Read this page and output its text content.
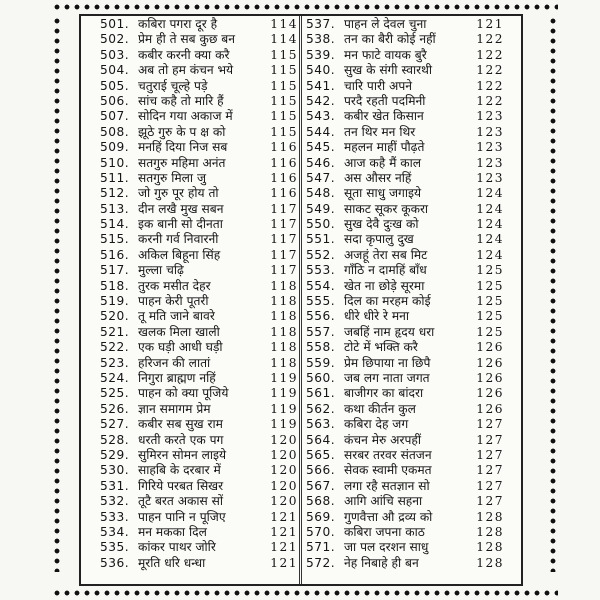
501. कबिरा पगरा दूर है	114
502. प्रेम ही ते सब कुछ बन	114
503. कबीर करनी क्या करै	115
504. अब तो हम कंचन भये	115
505. चतुराई चूल्हे पड़े	115
506. सांच कहै तो मारि हैं	115
507. सोदिन गया अकाज में	115
508. झूठे गुरु के प क्ष को	115
509. मनहिं दिया निज सब	116
510. सतगुरु महिमा अनंत	116
511. सतगुरु मिला जु	116
512. जो गुरु पूर होय तो	116
513. दीन लखै मुख सबन	117
514. इक बानी सो दीनता	117
515. करनी गर्व निवारनी	117
516. अकिल बिहूना सिंह	117
517. मुल्ला चढ़ि	117
518. तुरक मसीत देहर	118
519. पाहन केरी पूतरी	118
520. तू मति जाने बावरे	118
521. खलक मिला खाली	118
522. एक घड़ी आधी घड़ी	118
523. हरिजन की लातां	118
524. निगुरा ब्राह्मण नहिं	119
525. पाहन को क्या पूजिये	119
526. ज्ञान समागम प्रेम	119
527. कबीर सब सुख राम	119
528. धरती करते एक पग	120
529. सुमिरन सोमन लाइये	120
530. साहबि के दरबार में	120
531. गिरिये परबत सिखर	120
532. तूटै बरत अकास सों	120
533. पाहन पानि न पूजिए	121
534. मन मकका दिल	121
535. कांकर पाथर जोरि	121
536. मूरति धरि धन्धा	121
537. पाहन ले देवल चुना	121
538. तन का बैरी कोई नहीं	122
539. मन फाटे वायक बुरै	122
540. सुख के संगी स्वारथी	122
541. चारि पारी अपने	122
542. परदै रहती पदमिनी	122
543. कबीर खेत किसान	123
544. तन थिर मन थिर	123
545. महलन माहीं पौढ़ते	123
546. आज कहै मैं काल	123
547. अस औसर नहिं	123
548. सूता साधु जगाइये	124
549. साकट सूकर कूकरा	124
550. सुख देवै दुःख को	124
551. सदा कृपालु दुख	124
552. अजहूं तेरा सब मिट	124
553. गाँठि न दामहिं बाँध	125
554. खेत ना छोड़े सूरमा	125
555. दिल का मरहम कोई	125
556. धीरे धीरे रे मना	125
557. जबहिं नाम हृदय धरा	125
558. टोटे में भक्ति करै	126
559. प्रेम छिपाया ना छिपै	126
560. जब लग नाता जगत	126
561. बाजीगर का बांदरा	126
562. कथा कीर्तन कुल	126
563. कबिरा देह जग	127
564. कंचन मेरु अरपहीं	127
565. सरबर तरवर संतजन	127
566. सेवक स्वामी एकमत	127
567. लगा रहै सतज्ञान सो	127
568. आगि आंचि सहना	127
569. गुणवैत्ता औ द्रव्य को	128
570. कबिरा जपना काठ	128
571. जा पल दरशन साधु	128
572. नेह निबाहे ही बन	128
